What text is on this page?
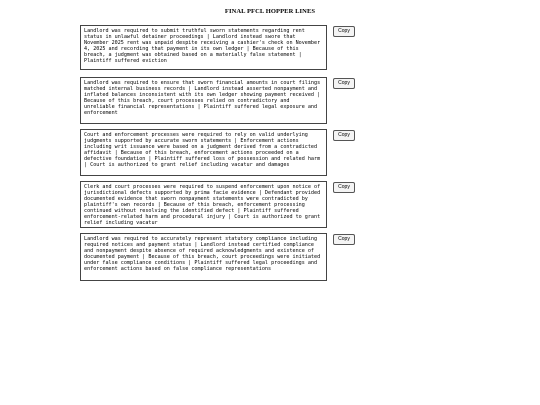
FINAL PFCL HOPPER LINES
Landlord was required to submit truthful sworn statements regarding rent status in unlawful detainer proceedings | Landlord instead swore that November 2025 rent was unpaid despite receiving a cashier's check on November 4, 2025 and recording that payment in its own ledger | Because of this breach, a judgment was obtained based on a materially false statement | Plaintiff suffered eviction
Copy
Landlord was required to ensure that sworn financial amounts in court filings matched internal business records | Landlord instead asserted nonpayment and inflated balances inconsistent with its own ledger showing payment received | Because of this breach, court processes relied on contradictory and unreliable financial representations | Plaintiff suffered legal exposure and enforcement
Copy
Court and enforcement processes were required to rely on valid underlying judgments supported by accurate sworn statements | Enforcement actions including writ issuance were based on a judgment derived from a contradicted affidavit | Because of this breach, enforcement actions proceeded on a defective foundation | Plaintiff suffered loss of possession and related harm | Court is authorized to grant relief including vacatur and damages
Copy
Clerk and court processes were required to suspend enforcement upon notice of jurisdictional defects supported by prima facie evidence | Defendant provided documented evidence that sworn nonpayment statements were contradicted by plaintiff's own records | Because of this breach, enforcement processing continued without resolving the identified defect | Plaintiff suffered enforcement-related harm and procedural injury | Court is authorized to grant relief including vacatur
Copy
Landlord was required to accurately represent statutory compliance including required notices and payment status | Landlord instead certified compliance and nonpayment despite absence of required acknowledgments and existence of documented payment | Because of this breach, court proceedings were initiated under false compliance conditions | Plaintiff suffered legal proceedings and enforcement actions based on false compliance representations
Copy
